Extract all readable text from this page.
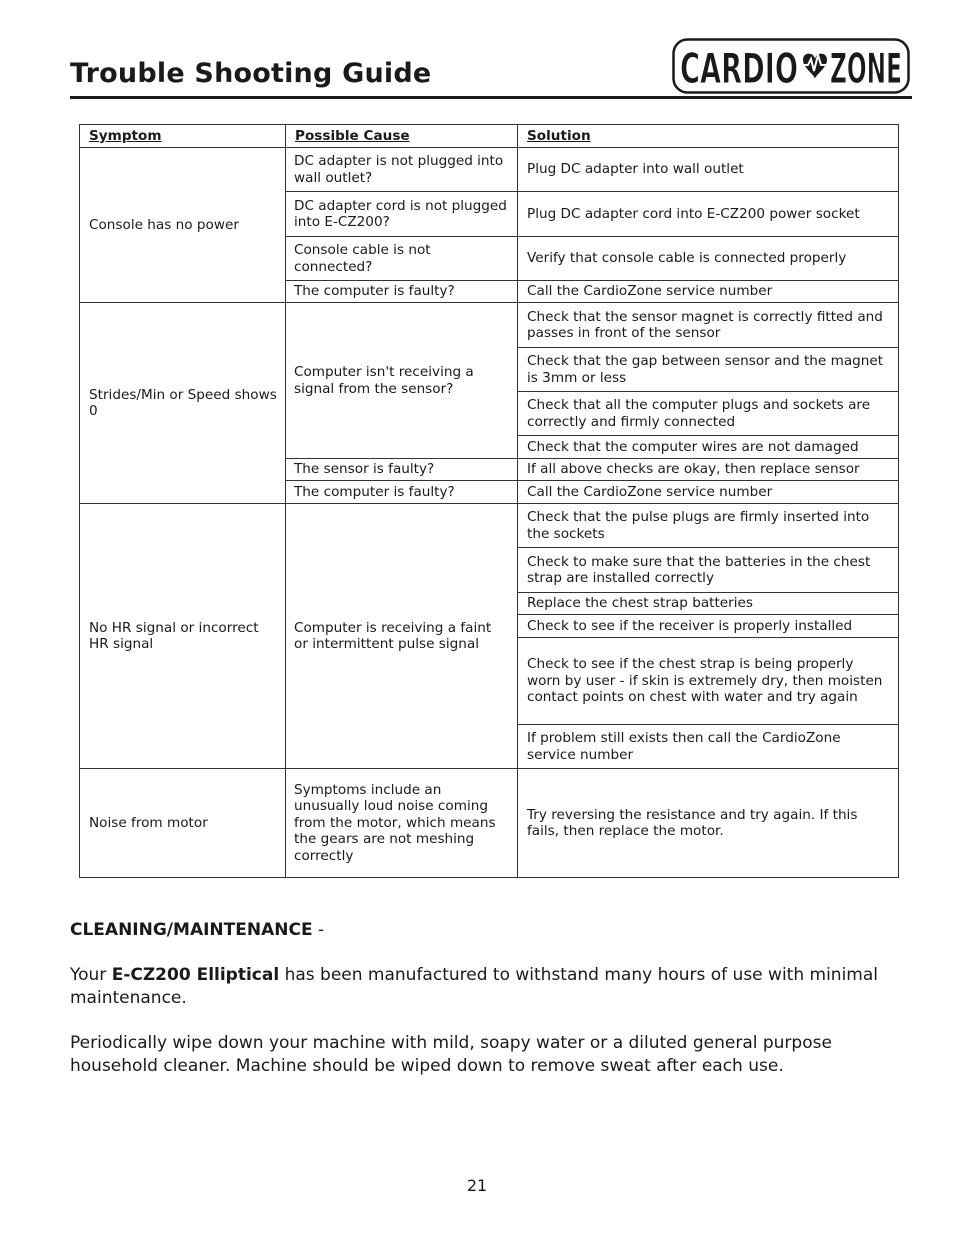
Trouble Shooting Guide	CARDIO ZONE
Symptom	Possible Cause	Solution
Console has no power	DC adapter is not plugged into wall outlet?	Plug DC adapter into wall outlet
	DC adapter cord is not plugged into E-CZ200?	Plug DC adapter cord into E-CZ200 power socket
	Console cable is not connected?	Verify that console cable is connected properly
	The computer is faulty?	Call the CardioZone service number
Strides/Min or Speed shows 0	Computer isn't receiving a signal from the sensor?	Check that the sensor magnet is correctly fitted and passes in front of the sensor
		Check that the gap between sensor and the magnet is 3mm or less
		Check that all the computer plugs and sockets are correctly and firmly connected
		Check that the computer wires are not damaged
	The sensor is faulty?	If all above checks are okay, then replace sensor
	The computer is faulty?	Call the CardioZone service number
No HR signal or incorrect HR signal	Computer is receiving a faint or intermittent pulse signal	Check that the pulse plugs are firmly inserted into the sockets
		Check to make sure that the batteries in the chest strap are installed correctly
		Replace the chest strap batteries
		Check to see if the receiver is properly installed
		Check to see if the chest strap is being properly worn by user - if skin is extremely dry, then moisten contact points on chest with water and try again
		If problem still exists then call the CardioZone service number
Noise from motor	Symptoms include an unusually loud noise coming from the motor, which means the gears are not meshing correctly	Try reversing the resistance and try again. If this fails, then replace the motor.

CLEANING/MAINTENANCE -

Your E-CZ200 Elliptical has been manufactured to withstand many hours of use with minimal maintenance.

Periodically wipe down your machine with mild, soapy water or a diluted general purpose household cleaner. Machine should be wiped down to remove sweat after each use.

21
